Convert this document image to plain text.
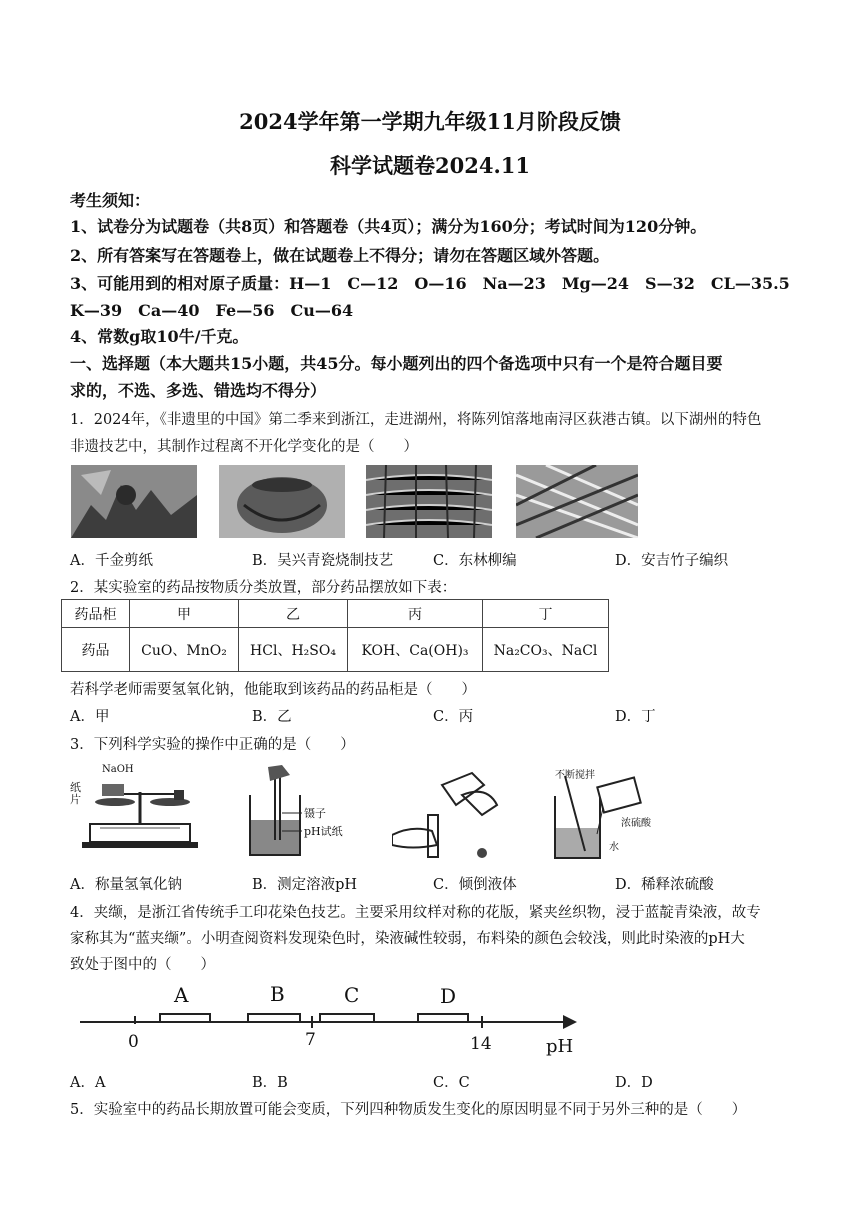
2024学年第一学期九年级11月阶段反馈
科学试题卷2024.11
考生须知：
1、试卷分为试题卷（共8页）和答题卷（共4页）；满分为160分；考试时间为120分钟。
2、所有答案写在答题卷上，做在试题卷上不得分；请勿在答题区域外答题。
3、可能用到的相对原子质量：H—1　C—12　O—16　Na—23　Mg—24　S—32　CL—35.5
K—39　Ca—40　Fe—56　Cu—64
4、常数g取10牛/千克。
一、选择题（本大题共15小题，共45分。每小题列出的四个备选项中只有一个是符合题目要
求的，不选、多选、错选均不得分）
1．2024年，《非遗里的中国》第二季来到浙江，走进湖州，将陈列馆落地南浔区荻港古镇。以下湖州的特色
非遗技艺中，其制作过程离不开化学变化的是（　　）
A．千金剪纸	B．吴兴青瓷烧制技艺	C．东林柳编	D．安吉竹子编织
2．某实验室的药品按物质分类放置，部分药品摆放如下表：
药品柜	甲	乙	丙	丁
药品	CuO、MnO₂	HCl、H₂SO₄	KOH、Ca(OH)₃	Na₂CO₃、NaCl
若科学老师需要氢氧化钠，他能取到该药品的药品柜是（　　）
A．甲	B．乙	C．丙	D．丁
3．下列科学实验的操作中正确的是（　　）
NaOH
纸片
镊子
pH试纸
不断搅拌
浓硫酸
水
A．称量氢氧化钠	B．测定溶液pH	C．倾倒液体	D．稀释浓硫酸
4．夹缬，是浙江省传统手工印花染色技艺。主要采用纹样对称的花版，紧夹丝织物，浸于蓝靛青染液，故专
家称其为“蓝夹缬”。小明查阅资料发现染色时，染液碱性较弱，布料染的颜色会较浅，则此时染液的pH大
致处于图中的（　　）
A	B	C	D
0	7	14	pH
A．A	B．B	C．C	D．D
5．实验室中的药品长期放置可能会变质，下列四种物质发生变化的原因明显不同于另外三种的是（　　）
